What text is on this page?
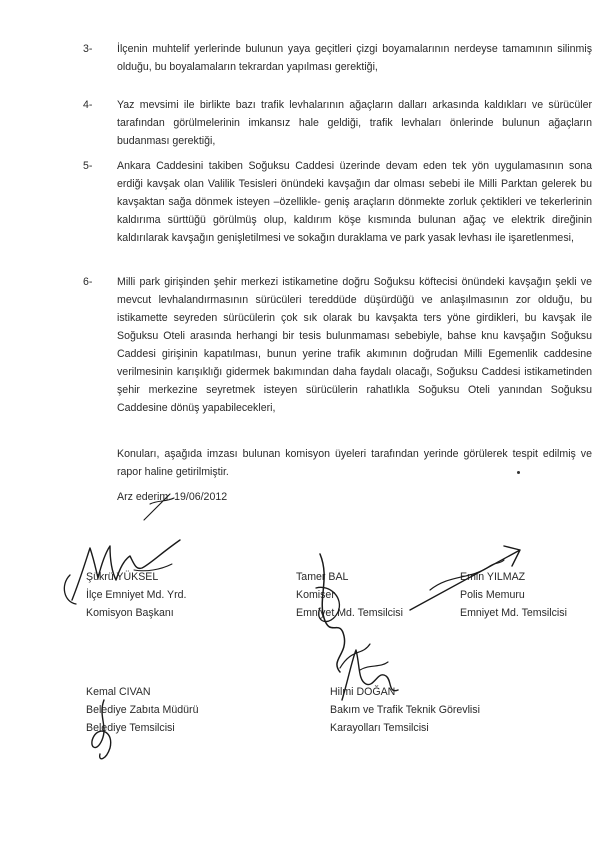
3-	İlçenin muhtelif yerlerinde bulunun yaya geçitleri çizgi boyamalarının nerdeyse tamamının silinmiş olduğu, bu boyalamaların tekrardan yapılması gerektiği,
4-	Yaz mevsimi ile birlikte bazı trafik levhalarının ağaçların dalları arkasında kaldıkları ve sürücüler tarafından görülmelerinin imkansız hale geldiği, trafik levhaları önlerinde bulunun ağaçların budanması gerektiği,
5-	Ankara Caddesini takiben Soğuksu Caddesi üzerinde devam eden tek yön uygulamasının sona erdiği kavşak olan Valilik Tesisleri önündeki kavşağın dar olması sebebi ile Milli Parktan gelerek bu kavşaktan sağa dönmek isteyen –özellikle- geniş araçların dönmekte zorluk çektikleri ve tekerlerinin kaldırıma sürttüğü görülmüş olup, kaldırım köşe kısmında bulunan ağaç ve elektrik direğinin kaldırılarak kavşağın genişletilmesi ve sokağın duraklama ve park yasak levhası ile işaretlenmesi,
6-	Milli park girişinden şehir merkezi istikametine doğru Soğuksu köftecisi önündeki kavşağın şekli ve mevcut levhalandırmasının sürücüleri tereddüde düşürdüğü ve anlaşılmasının zor olduğu, bu istikamette seyreden sürücülerin çok sık olarak bu kavşakta ters yöne girdikleri, bu kavşak ile Soğuksu Oteli arasında herhangi bir tesis bulunmaması sebebiyle, bahse knu kavşağın Soğuksu Caddesi girişinin kapatılması, bunun yerine trafik akımının doğrudan Milli Egemenlik caddesine verilmesinin karışıklığı gidermek bakımından daha faydalı olacağı, Soğuksu Caddesi istikametinden şehir merkezine seyretmek isteyen sürücülerin rahatlıkla Soğuksu Oteli yanından Soğuksu Caddesine dönüş yapabilecekleri,
Konuları, aşağıda imzası bulunan komisyon üyeleri tarafından yerinde görülerek tespit edilmiş ve rapor haline getirilmiştir.
Arz ederim. 19/06/2012
Şükrü YÜKSEL
İlçe Emniyet Md. Yrd.
Komisyon Başkanı
Tamer BAL
Komiser
Emniyet Md. Temsilcisi
Emin YILMAZ
Polis Memuru
Emniyet Md. Temsilcisi
Kemal CIVAN
Belediye Zabıta Müdürü
Belediye Temsilcisi
Hilmi DOĞAN
Bakım ve Trafik Teknik Görevlisi
Karayolları Temsilcisi
